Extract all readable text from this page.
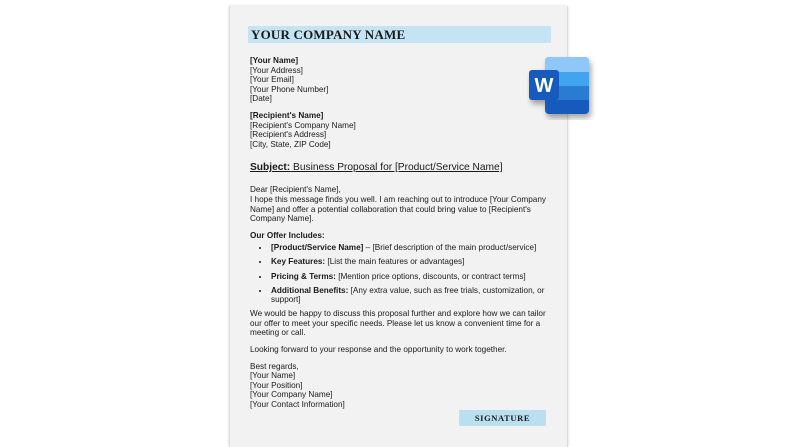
YOUR COMPANY NAME
[Your Name]
[Your Address]
[Your Email]
[Your Phone Number]
[Date]
[Recipient's Name]
[Recipient's Company Name]
[Recipient's Address]
[City, State, ZIP Code]
Subject: Business Proposal for [Product/Service Name]
Dear [Recipient's Name],
I hope this message finds you well. I am reaching out to introduce [Your Company Name] and offer a potential collaboration that could bring value to [Recipient's Company Name].
Our Offer Includes:
• [Product/Service Name] – [Brief description of the main product/service]
• Key Features: [List the main features or advantages]
• Pricing & Terms: [Mention price options, discounts, or contract terms]
• Additional Benefits: [Any extra value, such as free trials, customization, or support]
We would be happy to discuss this proposal further and explore how we can tailor our offer to meet your specific needs. Please let us know a convenient time for a meeting or call.
Looking forward to your response and the opportunity to work together.
Best regards,
[Your Name]
[Your Position]
[Your Company Name]
[Your Contact Information]
SIGNATURE
W
